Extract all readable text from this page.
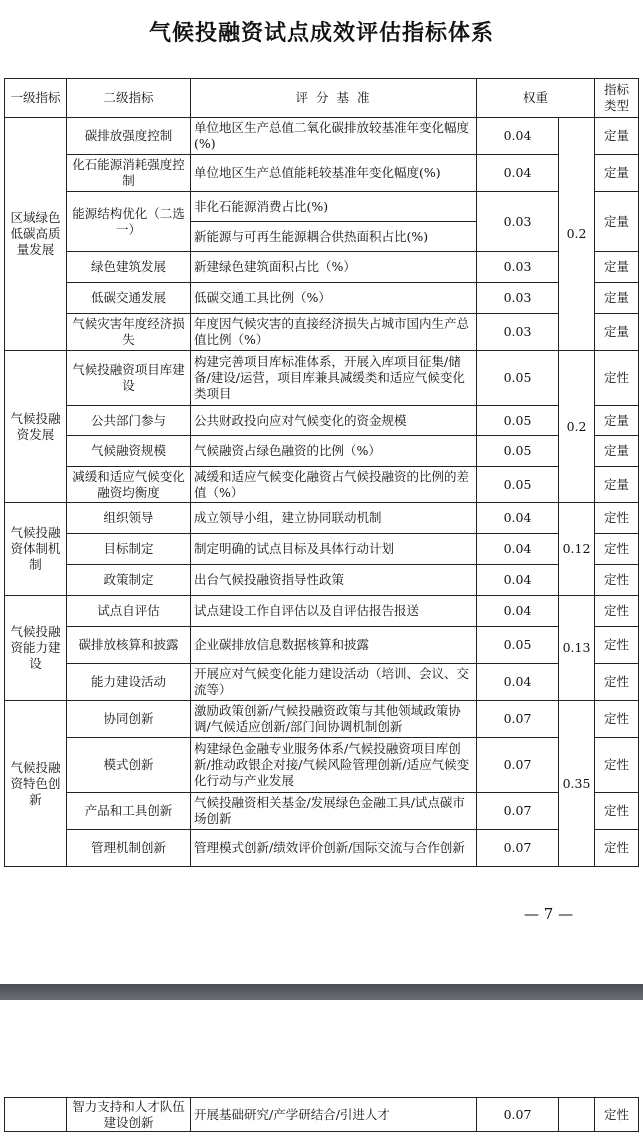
气候投融资试点成效评估指标体系
一级指标	二级指标	评 分 基 准	权重		指标类型
区域绿色低碳高质量发展	碳排放强度控制	单位地区生产总值二氧化碳排放较基准年变化幅度(%)	0.04	0.2	定量
	化石能源消耗强度控制	单位地区生产总值能耗较基准年变化幅度(%)	0.04		定量
	能源结构优化（二选一）	非化石能源消费占比(%)	0.03		定量
		新能源与可再生能源耦合供热面积占比(%)			
	绿色建筑发展	新建绿色建筑面积占比（%）	0.03		定量
	低碳交通发展	低碳交通工具比例（%）	0.03		定量
	气候灾害年度经济损失	年度因气候灾害的直接经济损失占城市国内生产总值比例（%）	0.03		定量
气候投融资发展	气候投融资项目库建设	构建完善项目库标准体系，开展入库项目征集/储备/建设/运营，项目库兼具减缓类和适应气候变化类项目	0.05	0.2	定性
	公共部门参与	公共财政投向应对气候变化的资金规模	0.05		定量
	气候融资规模	气候融资占绿色融资的比例（%）	0.05		定量
	减缓和适应气候变化融资均衡度	减缓和适应气候变化融资占气候投融资的比例的差值（%）	0.05		定量
气候投融资体制机制	组织领导	成立领导小组，建立协同联动机制	0.04	0.12	定性
	目标制定	制定明确的试点目标及具体行动计划	0.04		定性
	政策制定	出台气候投融资指导性政策	0.04		定性
气候投融资能力建设	试点自评估	试点建设工作自评估以及自评估报告报送	0.04	0.13	定性
	碳排放核算和披露	企业碳排放信息数据核算和披露	0.05		定性
	能力建设活动	开展应对气候变化能力建设活动（培训、会议、交流等）	0.04		定性
气候投融资特色创新	协同创新	激励政策创新/气候投融资政策与其他领域政策协调/气候适应创新/部门间协调机制创新	0.07	0.35	定性
	模式创新	构建绿色金融专业服务体系/气候投融资项目库创新/推动政银企对接/气候风险管理创新/适应气候变化行动与产业发展	0.07		定性
	产品和工具创新	气候投融资相关基金/发展绿色金融工具/试点碳市场创新	0.07		定性
	管理机制创新	管理模式创新/绩效评价创新/国际交流与合作创新	0.07		定性
— 7 —
	智力支持和人才队伍建设创新	开展基础研究/产学研结合/引进人才	0.07		定性
